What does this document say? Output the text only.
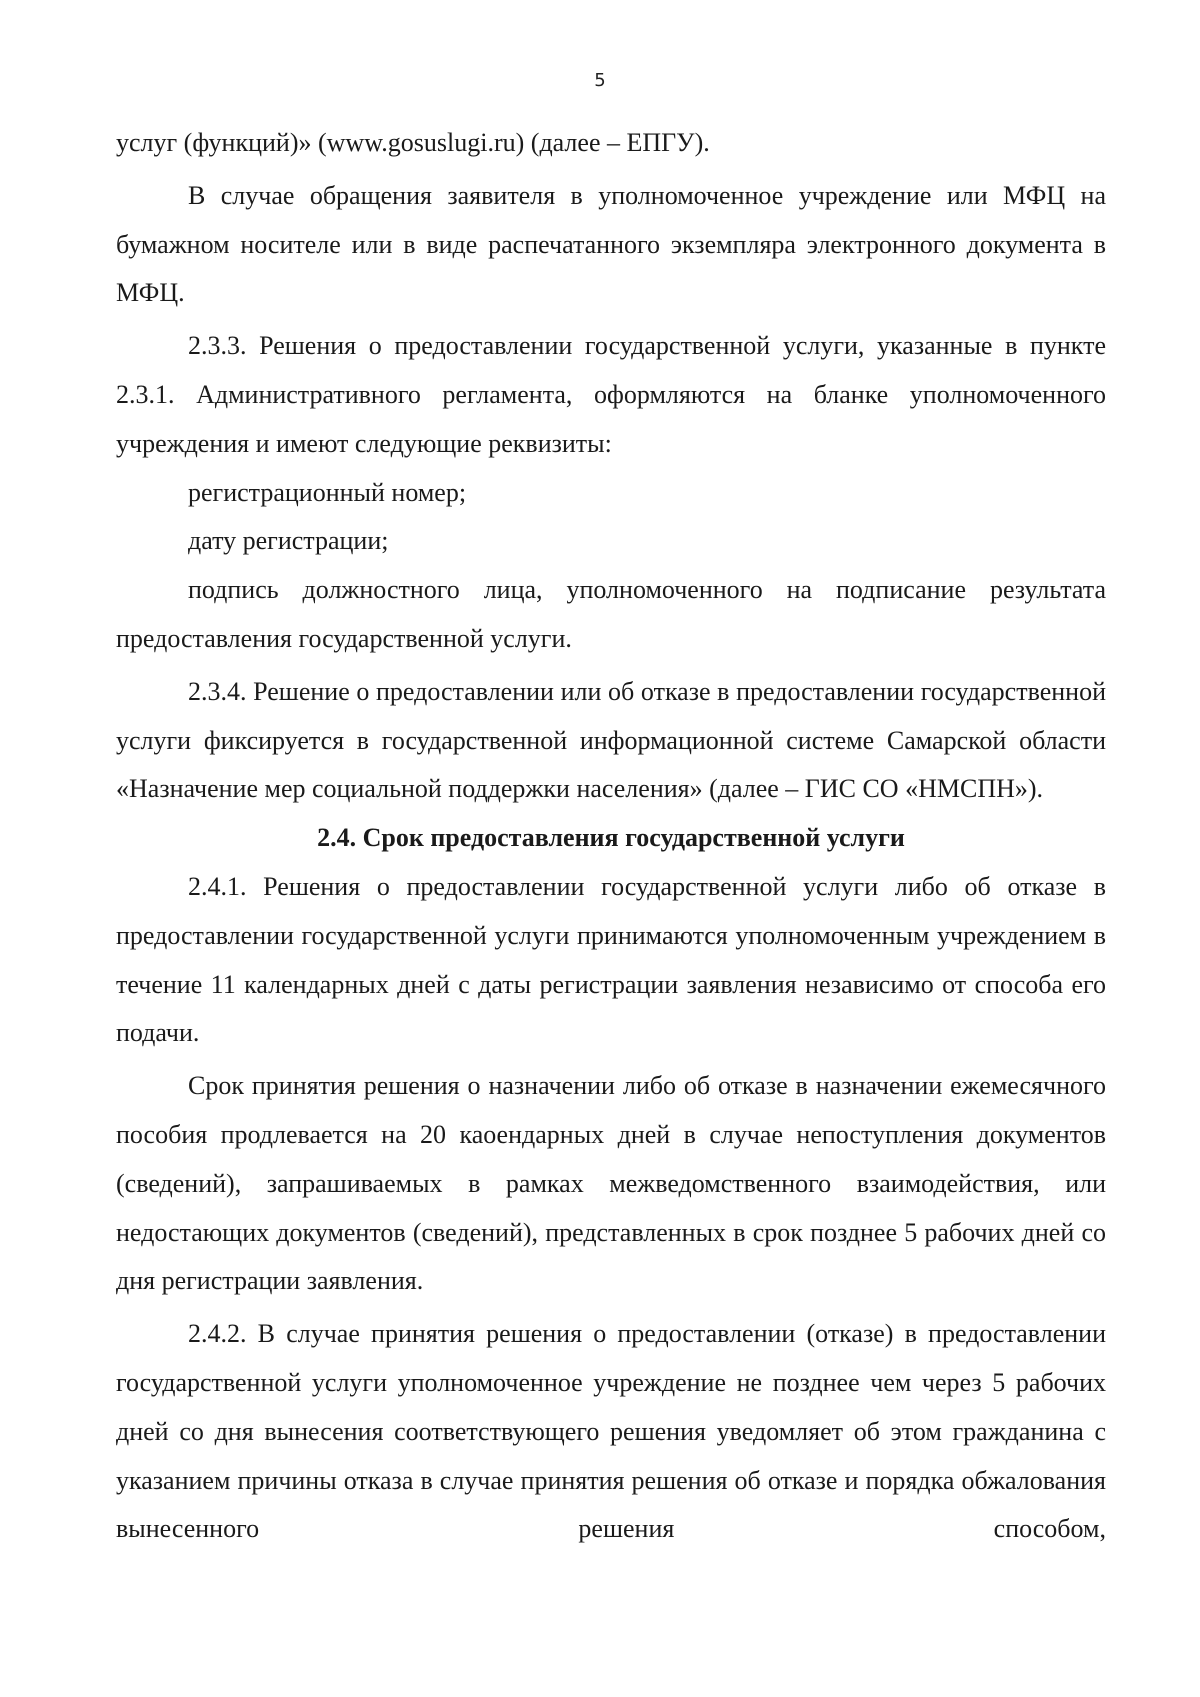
5

услуг (функций)» (www.gosuslugi.ru) (далее – ЕПГУ).

В случае обращения заявителя в уполномоченное учреждение или МФЦ на бумажном носителе или в виде распечатанного экземпляра электронного документа в МФЦ.

2.3.3. Решения о предоставлении государственной услуги, указанные в пункте 2.3.1. Административного регламента, оформляются на бланке уполномоченного учреждения и имеют следующие реквизиты:

регистрационный номер;

дату регистрации;

подпись должностного лица, уполномоченного на подписание результата предоставления государственной услуги.

2.3.4. Решение о предоставлении или об отказе в предоставлении государственной услуги фиксируется в государственной информационной системе Самарской области «Назначение мер социальной поддержки населения» (далее – ГИС СО «НМСПН»).

2.4. Срок предоставления государственной услуги

2.4.1. Решения о предоставлении государственной услуги либо об отказе в предоставлении государственной услуги принимаются уполномоченным учреждением в течение 11 календарных дней с даты регистрации заявления независимо от способа его подачи.

Срок принятия решения о назначении либо об отказе в назначении ежемесячного пособия продлевается на 20 каоендарных дней в случае непоступления документов (сведений), запрашиваемых в рамках межведомственного взаимодействия, или недостающих документов (сведений), представленных в срок позднее 5 рабочих дней со дня регистрации заявления.

2.4.2. В случае принятия решения о предоставлении (отказе) в предоставлении государственной услуги уполномоченное учреждение не позднее чем через 5 рабочих дней со дня вынесения соответствующего решения уведомляет об этом гражданина с указанием причины отказа в случае принятия решения об отказе и порядка обжалования вынесенного решения способом,
